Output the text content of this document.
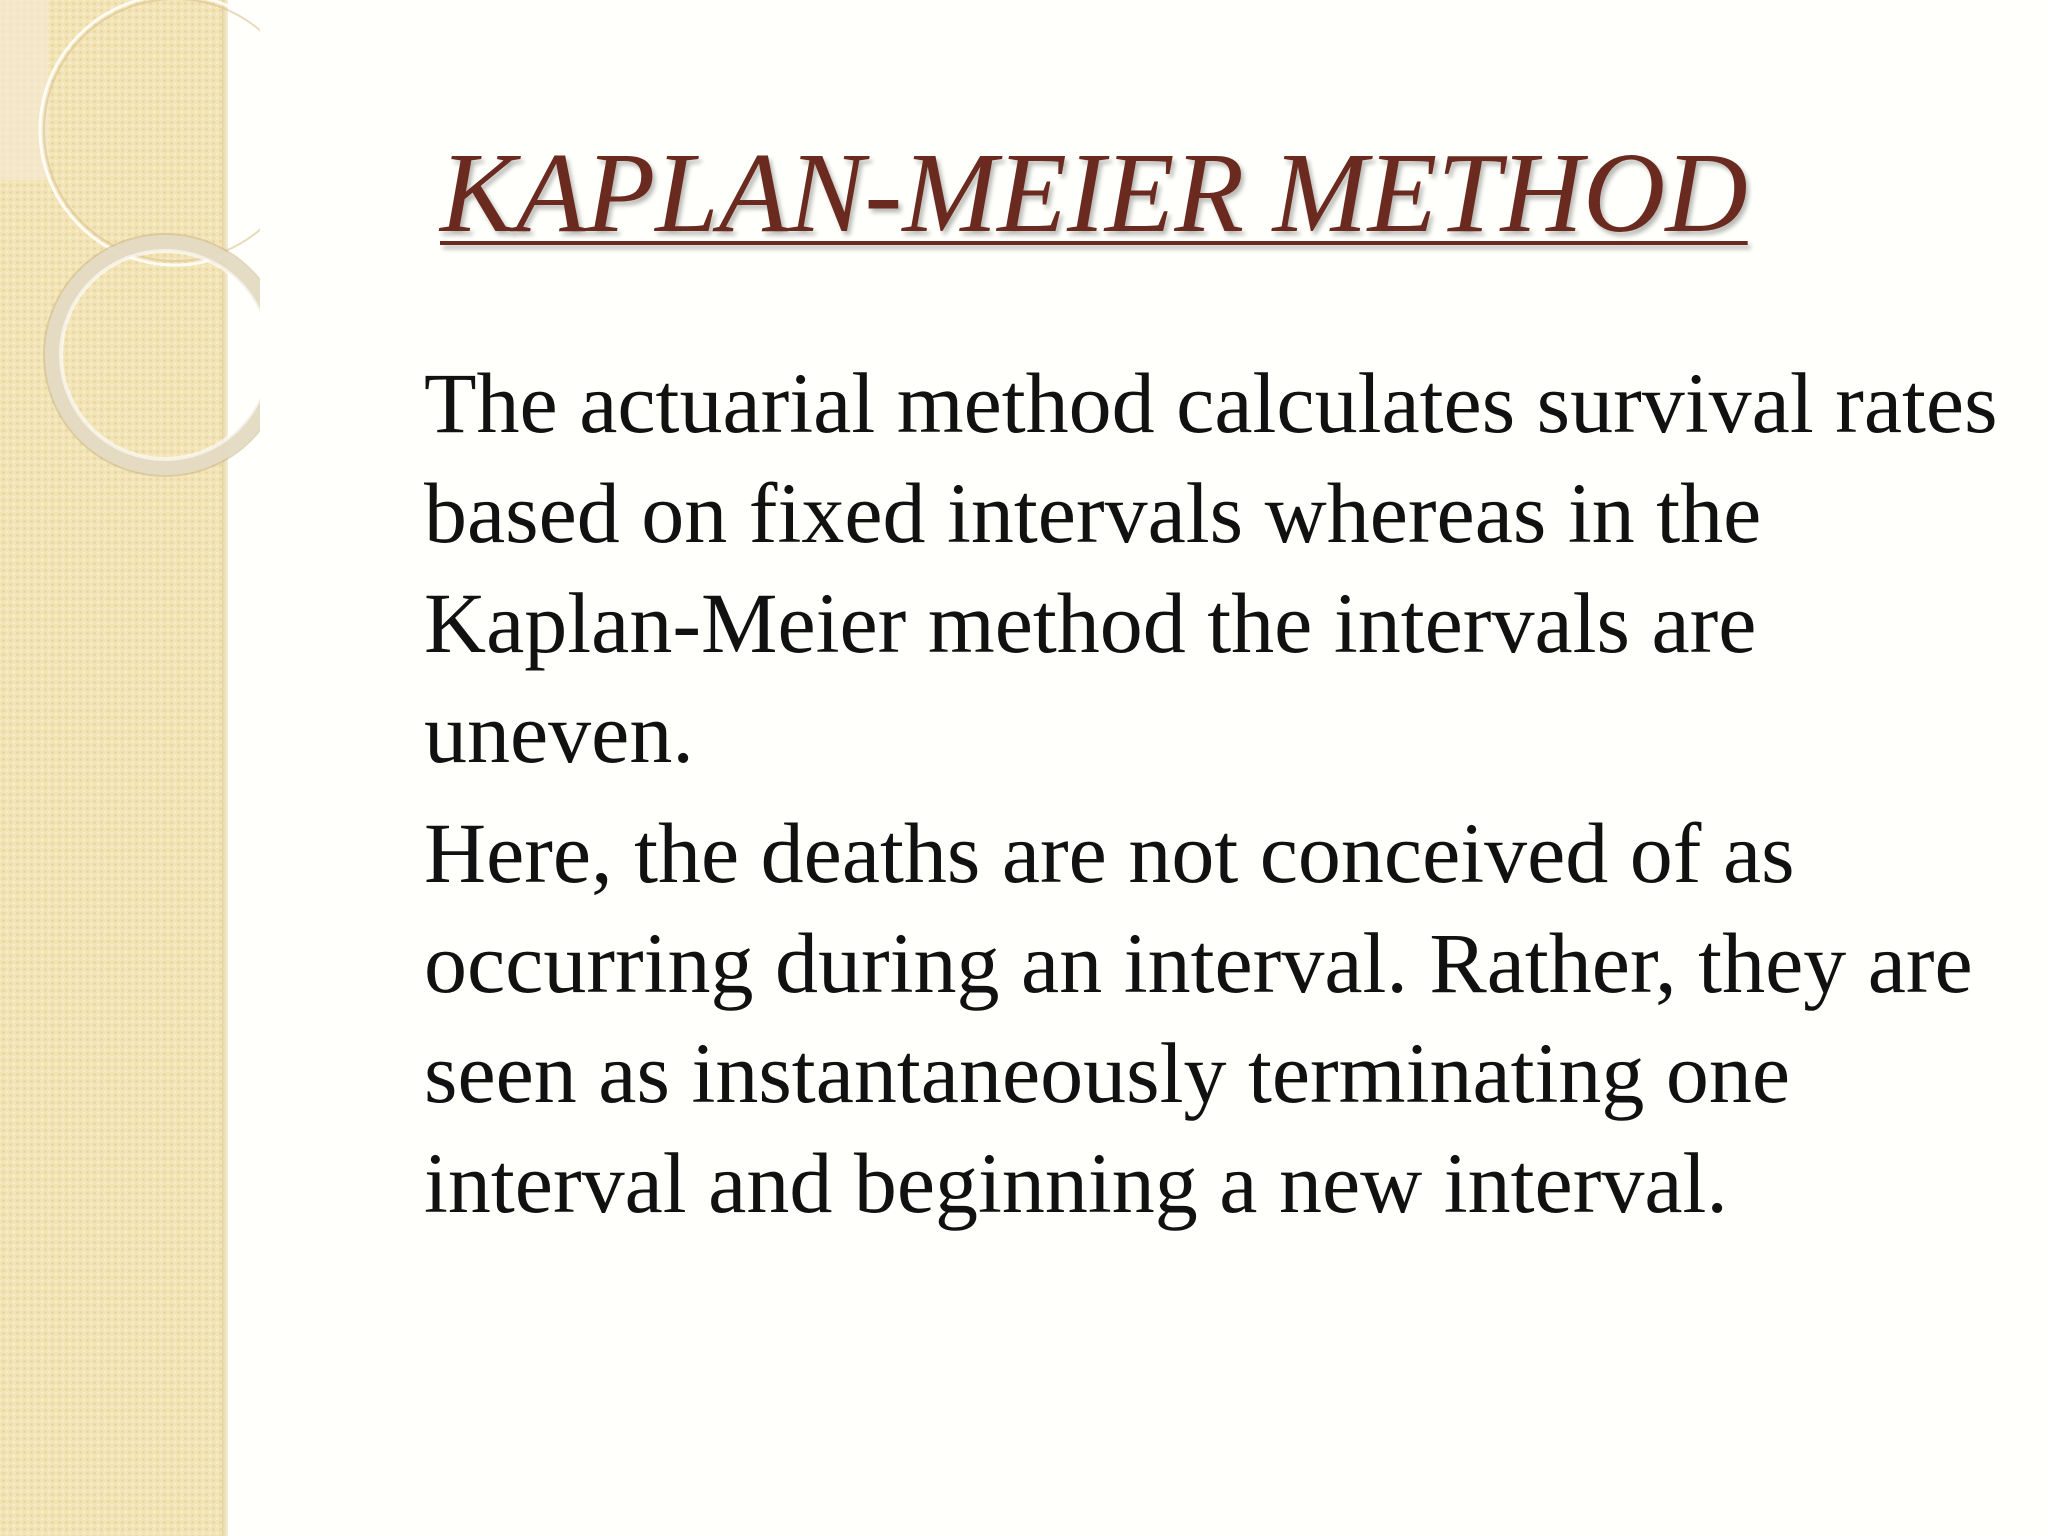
KAPLAN-MEIER METHOD

The actuarial method calculates survival rates based on fixed intervals whereas in the Kaplan-Meier method the intervals are uneven.

Here, the deaths are not conceived of as occurring during an interval. Rather, they are seen as instantaneously terminating one interval and beginning a new interval.
